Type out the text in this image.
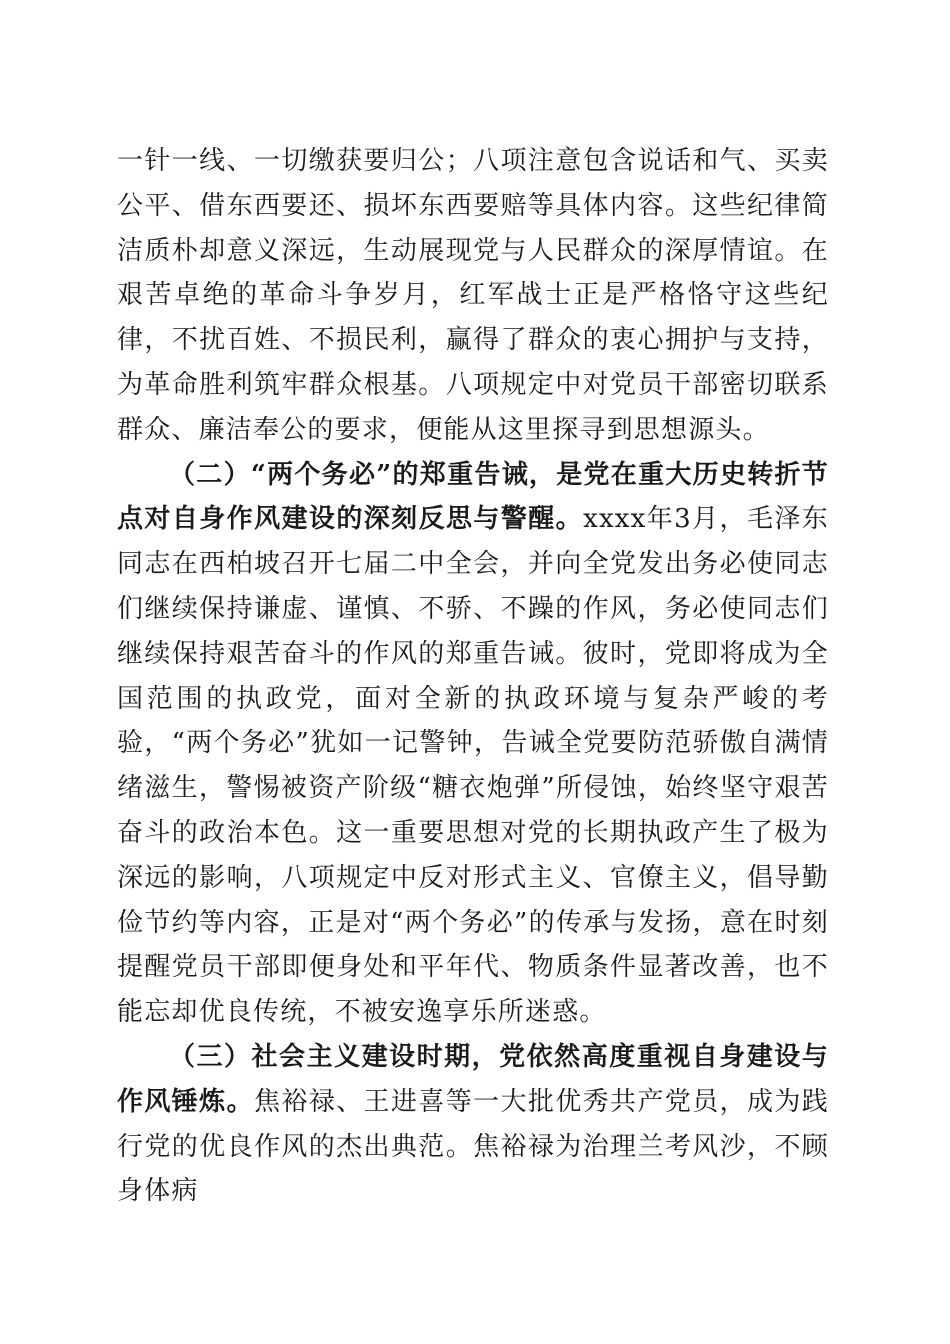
一针一线、一切缴获要归公；八项注意包含说话和气、买卖公平、借东西要还、损坏东西要赔等具体内容。这些纪律简洁质朴却意义深远，生动展现党与人民群众的深厚情谊。在艰苦卓绝的革命斗争岁月，红军战士正是严格恪守这些纪律，不扰百姓、不损民利，赢得了群众的衷心拥护与支持，为革命胜利筑牢群众根基。八项规定中对党员干部密切联系群众、廉洁奉公的要求，便能从这里探寻到思想源头。

（二）“两个务必”的郑重告诫，是党在重大历史转折节点对自身作风建设的深刻反思与警醒。xxxx年3月，毛泽东同志在西柏坡召开七届二中全会，并向全党发出务必使同志们继续保持谦虚、谨慎、不骄、不躁的作风，务必使同志们继续保持艰苦奋斗的作风的郑重告诫。彼时，党即将成为全国范围的执政党，面对全新的执政环境与复杂严峻的考验，“两个务必”犹如一记警钟，告诫全党要防范骄傲自满情绪滋生，警惕被资产阶级“糖衣炮弹”所侵蚀，始终坚守艰苦奋斗的政治本色。这一重要思想对党的长期执政产生了极为深远的影响，八项规定中反对形式主义、官僚主义，倡导勤俭节约等内容，正是对“两个务必”的传承与发扬，意在时刻提醒党员干部即便身处和平年代、物质条件显著改善，也不能忘却优良传统，不被安逸享乐所迷惑。

（三）社会主义建设时期，党依然高度重视自身建设与作风锤炼。焦裕禄、王进喜等一大批优秀共产党员，成为践行党的优良作风的杰出典范。焦裕禄为治理兰考风沙，不顾身体病
